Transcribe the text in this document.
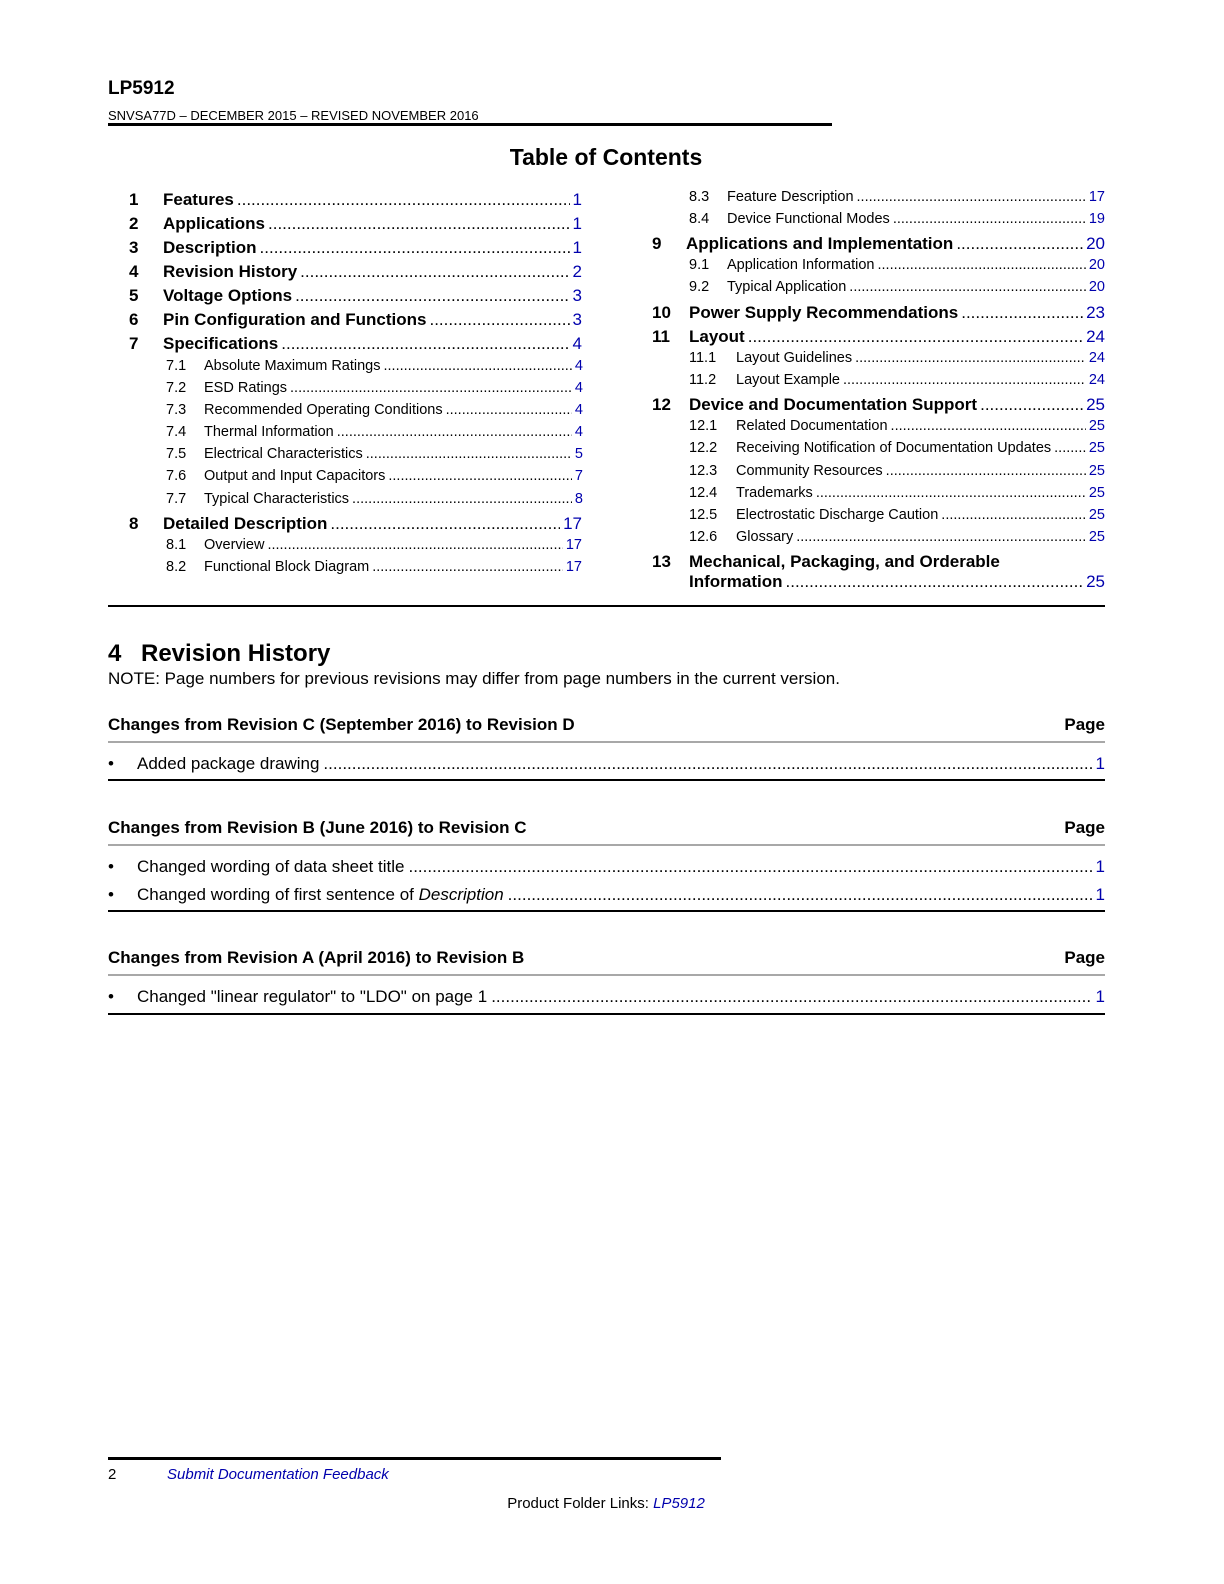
LP5912
SNVSA77D – DECEMBER 2015 – REVISED NOVEMBER 2016
Table of Contents
1	Features .....	1
2	Applications .....	1
3	Description .....	1
4	Revision History .....	2
5	Voltage Options .....	3
6	Pin Configuration and Functions .....	3
7	Specifications .....	4
7.1	Absolute Maximum Ratings .....	4
7.2	ESD Ratings .....	4
7.3	Recommended Operating Conditions .....	4
7.4	Thermal Information .....	4
7.5	Electrical Characteristics .....	5
7.6	Output and Input Capacitors .....	7
7.7	Typical Characteristics .....	8
8	Detailed Description .....	17
8.1	Overview .....	17
8.2	Functional Block Diagram .....	17
8.3	Feature Description .....	17
8.4	Device Functional Modes .....	19
9	Applications and Implementation .....	20
9.1	Application Information .....	20
9.2	Typical Application .....	20
10	Power Supply Recommendations .....	23
11	Layout .....	24
11.1	Layout Guidelines .....	24
11.2	Layout Example .....	24
12	Device and Documentation Support .....	25
12.1	Related Documentation .....	25
12.2	Receiving Notification of Documentation Updates .....	25
12.3	Community Resources .....	25
12.4	Trademarks .....	25
12.5	Electrostatic Discharge Caution .....	25
12.6	Glossary .....	25
13	Mechanical, Packaging, and Orderable
Information .....	25
4 Revision History
NOTE: Page numbers for previous revisions may differ from page numbers in the current version.
Changes from Revision C (September 2016) to Revision D	Page
•	Added package drawing .....	1
Changes from Revision B (June 2016) to Revision C	Page
•	Changed wording of data sheet title .....	1
•	Changed wording of first sentence of Description .....	1
Changes from Revision A (April 2016) to Revision B	Page
•	Changed "linear regulator" to "LDO" on page 1 .....	1
2	Submit Documentation Feedback
Product Folder Links: LP5912
